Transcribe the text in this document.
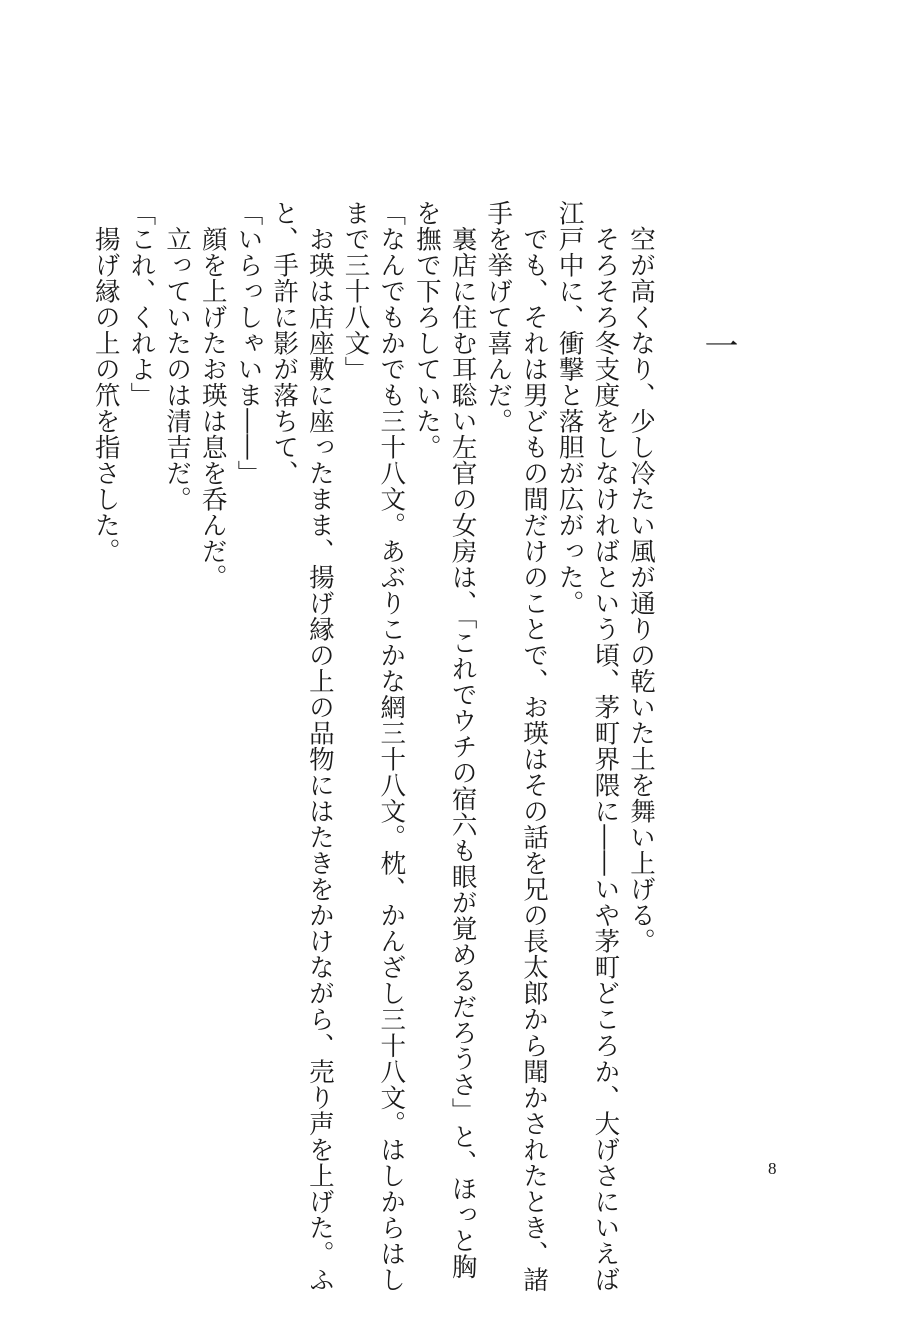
一
　空が高くなり、少し冷たい風が通りの乾いた土を舞い上げる。
　そろそろ冬支度をしなければという頃、茅町界隈に――いや茅町どころか、大げさにいえば
江戸中に、衝撃と落胆が広がった。
　でも、それは男どもの間だけのことで、お瑛はその話を兄の長太郎から聞かされたとき、諸
手を挙げて喜んだ。
　裏店に住む耳聡い左官の女房は、「これでウチの宿六も眼が覚めるだろうさ」と、ほっと胸
を撫で下ろしていた。
「なんでもかでも三十八文。あぶりこかな網三十八文。枕、かんざし三十八文。はしからはし
まで三十八文」
　お瑛は店座敷に座ったまま、揚げ縁の上の品物にはたきをかけながら、売り声を上げた。ふ
と、手許に影が落ちて、
「いらっしゃいま――」
　顔を上げたお瑛は息を呑んだ。
　立っていたのは清吉だ。
「これ、くれよ」
　揚げ縁の上の笊を指さした。
8
